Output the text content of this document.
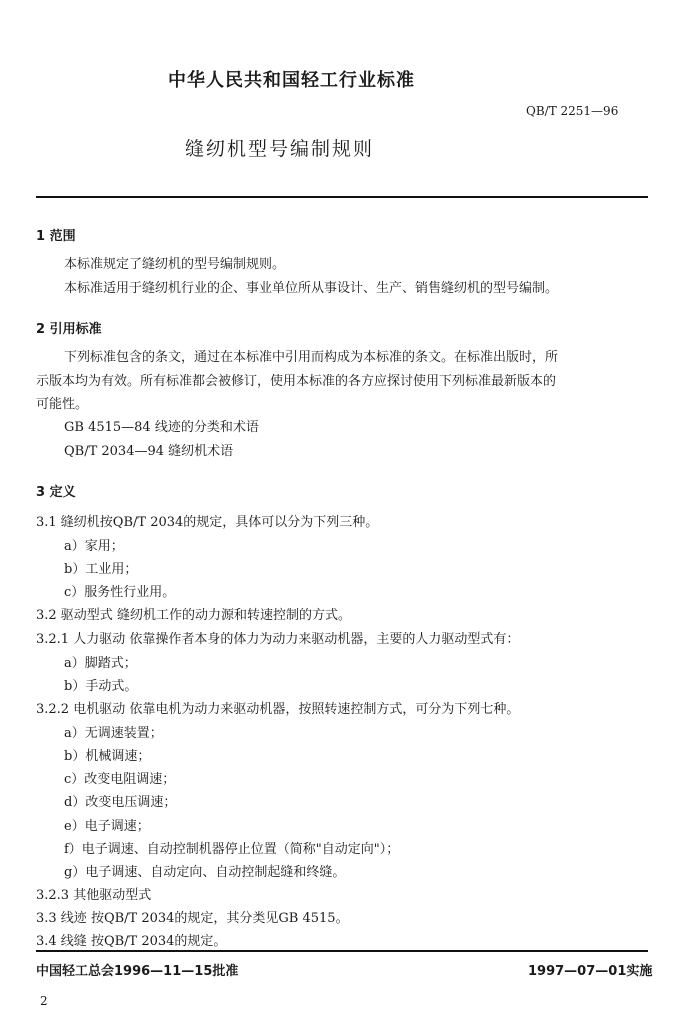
中华人民共和国轻工行业标准
QB/T 2251—96
缝纫机型号编制规则
1 范围
本标准规定了缝纫机的型号编制规则。
本标准适用于缝纫机行业的企、事业单位所从事设计、生产、销售缝纫机的型号编制。
2 引用标准
下列标准包含的条文，通过在本标准中引用而构成为本标准的条文。在标准出版时，所
示版本均为有效。所有标准都会被修订，使用本标准的各方应探讨使用下列标准最新版本的
可能性。
GB 4515—84 线迹的分类和术语
QB/T 2034—94 缝纫机术语
3 定义
3.1 缝纫机按QB/T 2034的规定，具体可以分为下列三种。
a）家用；
b）工业用；
c）服务性行业用。
3.2 驱动型式 缝纫机工作的动力源和转速控制的方式。
3.2.1 人力驱动 依靠操作者本身的体力为动力来驱动机器，主要的人力驱动型式有：
a）脚踏式；
b）手动式。
3.2.2 电机驱动 依靠电机为动力来驱动机器，按照转速控制方式，可分为下列七种。
a）无调速装置；
b）机械调速；
c）改变电阻调速；
d）改变电压调速；
e）电子调速；
f）电子调速、自动控制机器停止位置（简称"自动定向"）；
g）电子调速、自动定向、自动控制起缝和终缝。
3.2.3 其他驱动型式
3.3 线迹 按QB/T 2034的规定，其分类见GB 4515。
3.4 线缝 按QB/T 2034的规定。
中国轻工总会1996—11—15批准	1997—07—01实施
2
